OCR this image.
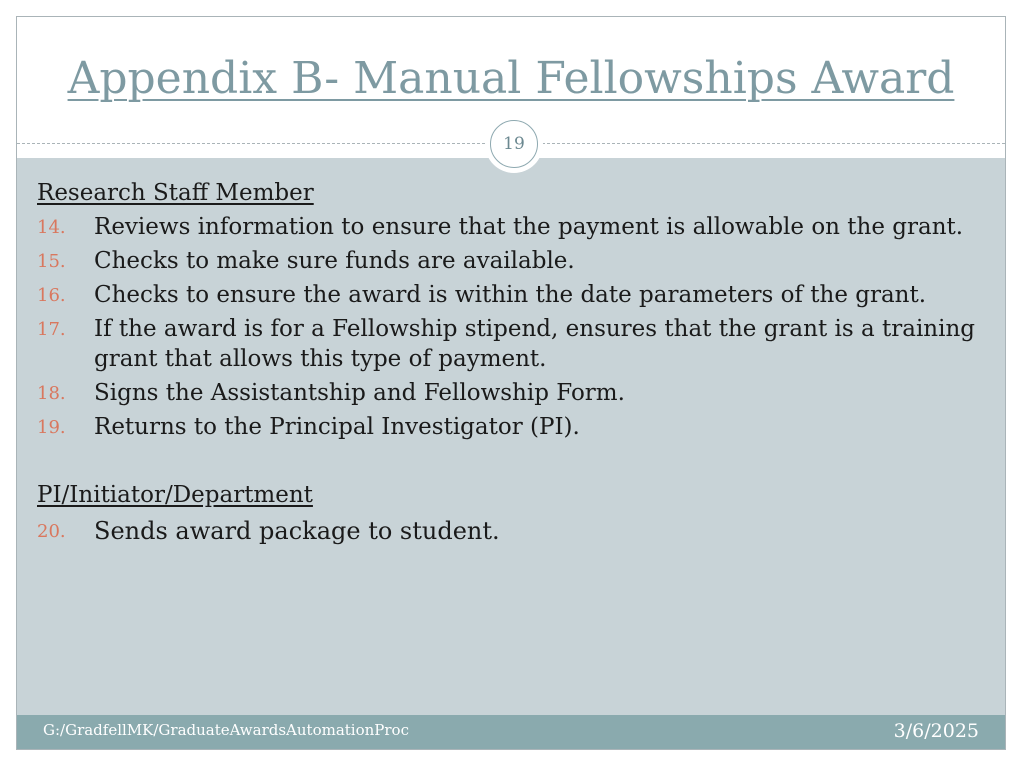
Appendix B- Manual Fellowships Award
19

Research Staff Member

14. Reviews information to ensure that the payment is allowable on the grant.
15. Checks to make sure funds are available.
16. Checks to ensure the award is within the date parameters of the grant.
17. If the award is for a Fellowship stipend, ensures that the grant is a training grant that allows this type of payment.
18. Signs the Assistantship and Fellowship Form.
19. Returns to the Principal Investigator (PI).

PI/Initiator/Department

20. Sends award package to student.
G:/GradfellMK/GraduateAwardsAutomationProc	3/6/2025
